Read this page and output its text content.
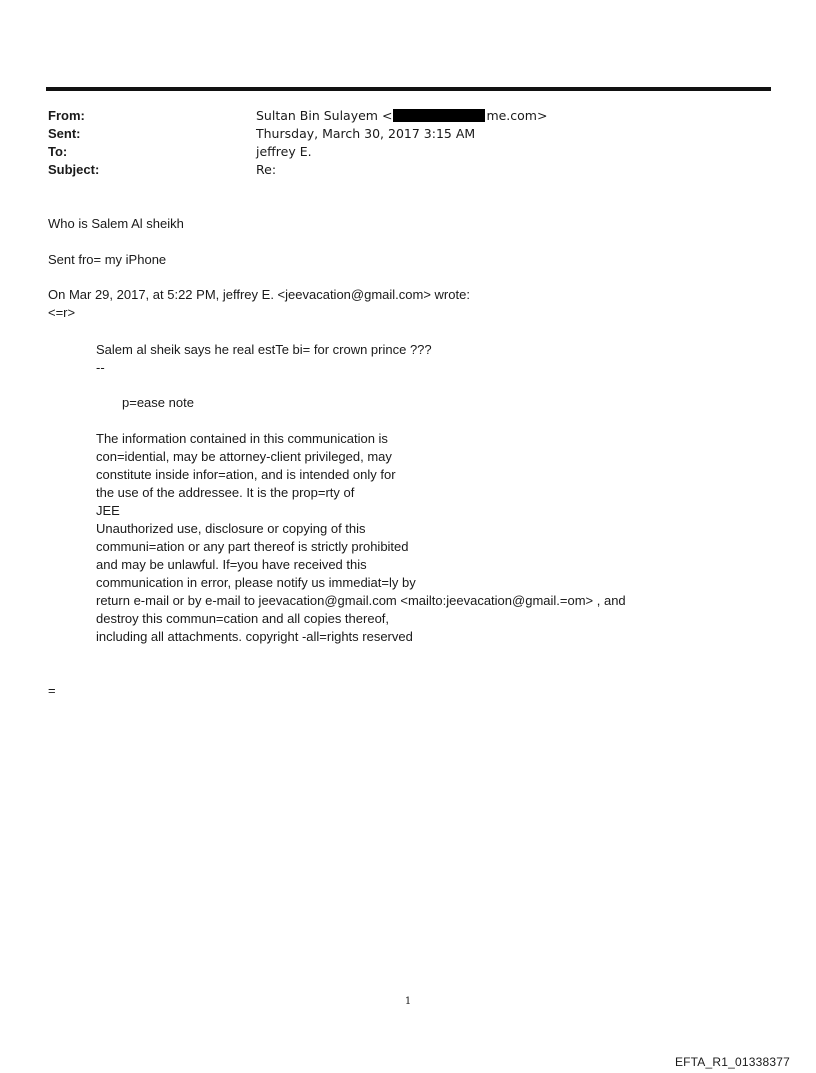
From:	Sultan Bin Sulayem <	me.com>
Sent:	Thursday, March 30, 2017 3:15 AM
To:	jeffrey E.
Subject:	Re:
Who is Salem Al sheikh
Sent fro= my iPhone
On Mar 29, 2017, at 5:22 PM, jeffrey E. <jeevacation@gmail.com> wrote:
<=r>
Salem al sheik says he real estTe bi= for crown prince ???
--
p=ease note
The information contained in this communication is
con=idential, may be attorney-client privileged, may
constitute inside infor=ation, and is intended only for
the use of the addressee. It is the prop=rty of
JEE
Unauthorized use, disclosure or copying of this
communi=ation or any part thereof is strictly prohibited
and may be unlawful. If=you have received this
communication in error, please notify us immediat=ly by
return e-mail or by e-mail to jeevacation@gmail.com <mailto:jeevacation@gmail.=om> , and
destroy this commun=cation and all copies thereof,
including all attachments. copyright -all=rights reserved
=
1
EFTA_R1_01338377
